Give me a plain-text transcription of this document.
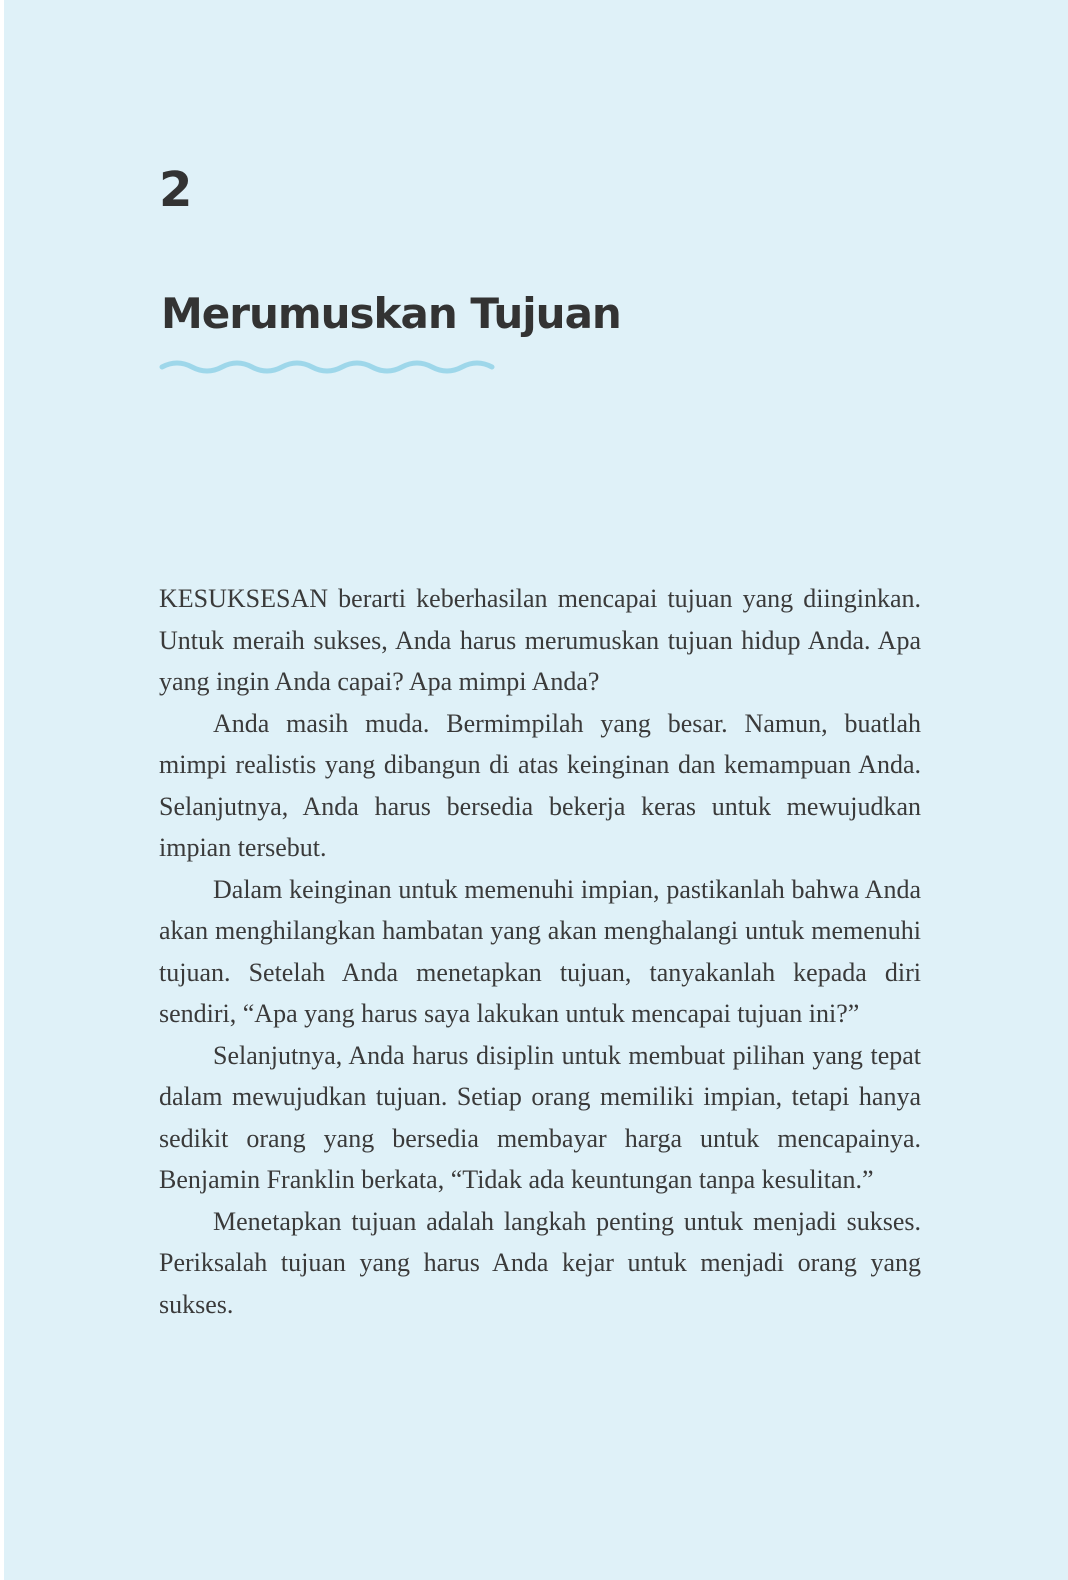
2
Merumuskan Tujuan

KESUKSESAN berarti keberhasilan mencapai tujuan yang diinginkan. Untuk meraih sukses, Anda harus merumuskan tujuan hidup Anda. Apa yang ingin Anda capai? Apa mimpi Anda?

Anda masih muda. Bermimpilah yang besar. Namun, buatlah mimpi realistis yang dibangun di atas keinginan dan kemampuan Anda. Selanjutnya, Anda harus bersedia bekerja keras untuk mewujudkan impian tersebut.

Dalam keinginan untuk memenuhi impian, pastikanlah bahwa Anda akan menghilangkan hambatan yang akan menghalangi untuk memenuhi tujuan. Setelah Anda menetapkan tujuan, tanyakanlah kepada diri sendiri, “Apa yang harus saya lakukan untuk mencapai tujuan ini?”

Selanjutnya, Anda harus disiplin untuk membuat pilihan yang tepat dalam mewujudkan tujuan. Setiap orang memiliki impian, tetapi hanya sedikit orang yang bersedia membayar harga untuk mencapainya. Benjamin Franklin berkata, “Tidak ada keuntungan tanpa kesulitan.”

Menetapkan tujuan adalah langkah penting untuk menjadi sukses. Periksalah tujuan yang harus Anda kejar untuk menjadi orang yang sukses.
